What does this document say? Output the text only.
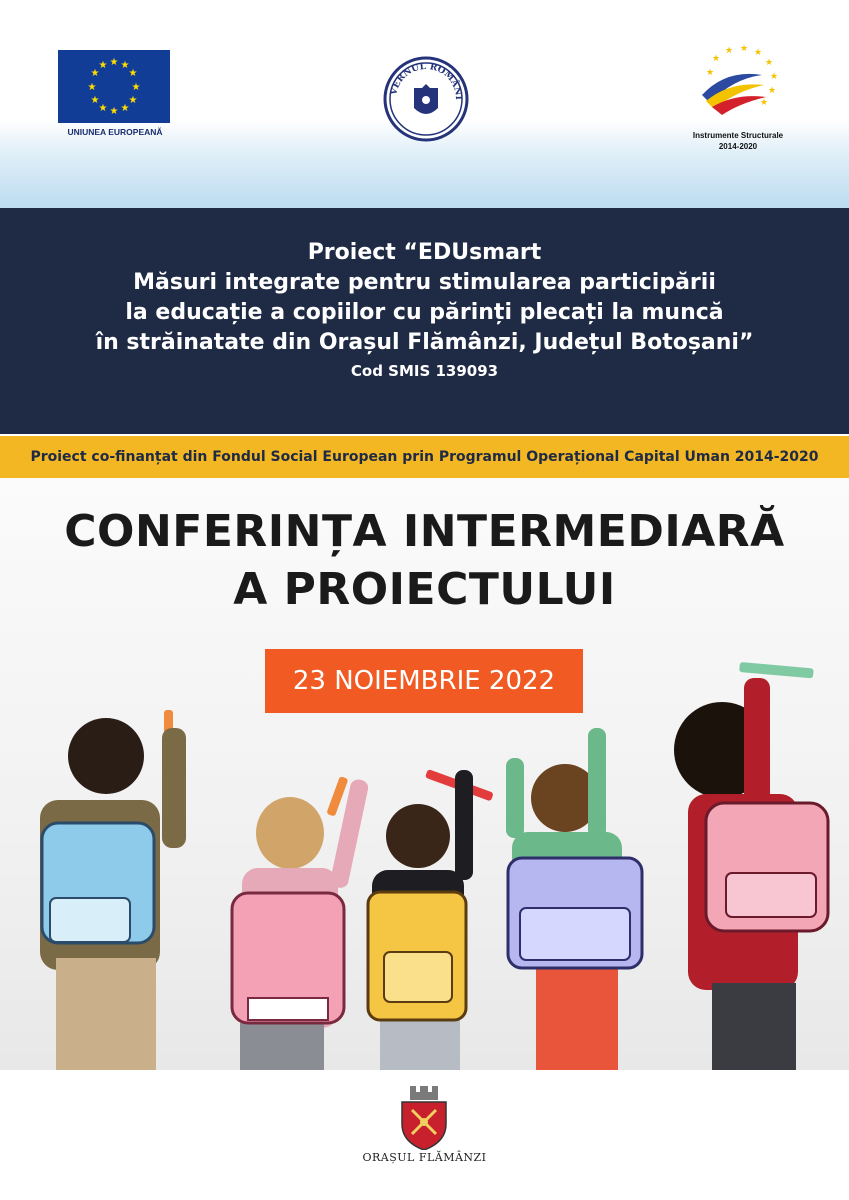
★ ★
★
★
★
★
★
★
★
★
★
★
UNIUNEA EUROPEANĂ
VERNUL ROMÂNI
★
★
★ ★ ★
★
★
★
★
Instrumente Structurale
2014-2020
Proiect “EDUsmart
Măsuri integrate pentru stimularea participării
la educație a copiilor cu părinți plecați la muncă
în străinatate din Orașul Flămânzi, Județul Botoșani”
Cod SMIS 139093
Proiect co-finanțat din Fondul Social European prin Programul Operațional Capital Uman 2014-2020
CONFERINȚA INTERMEDIARĂ
A PROIECTULUI
23 NOIEMBRIE 2022
ORAȘUL FLĂMÂNZI
